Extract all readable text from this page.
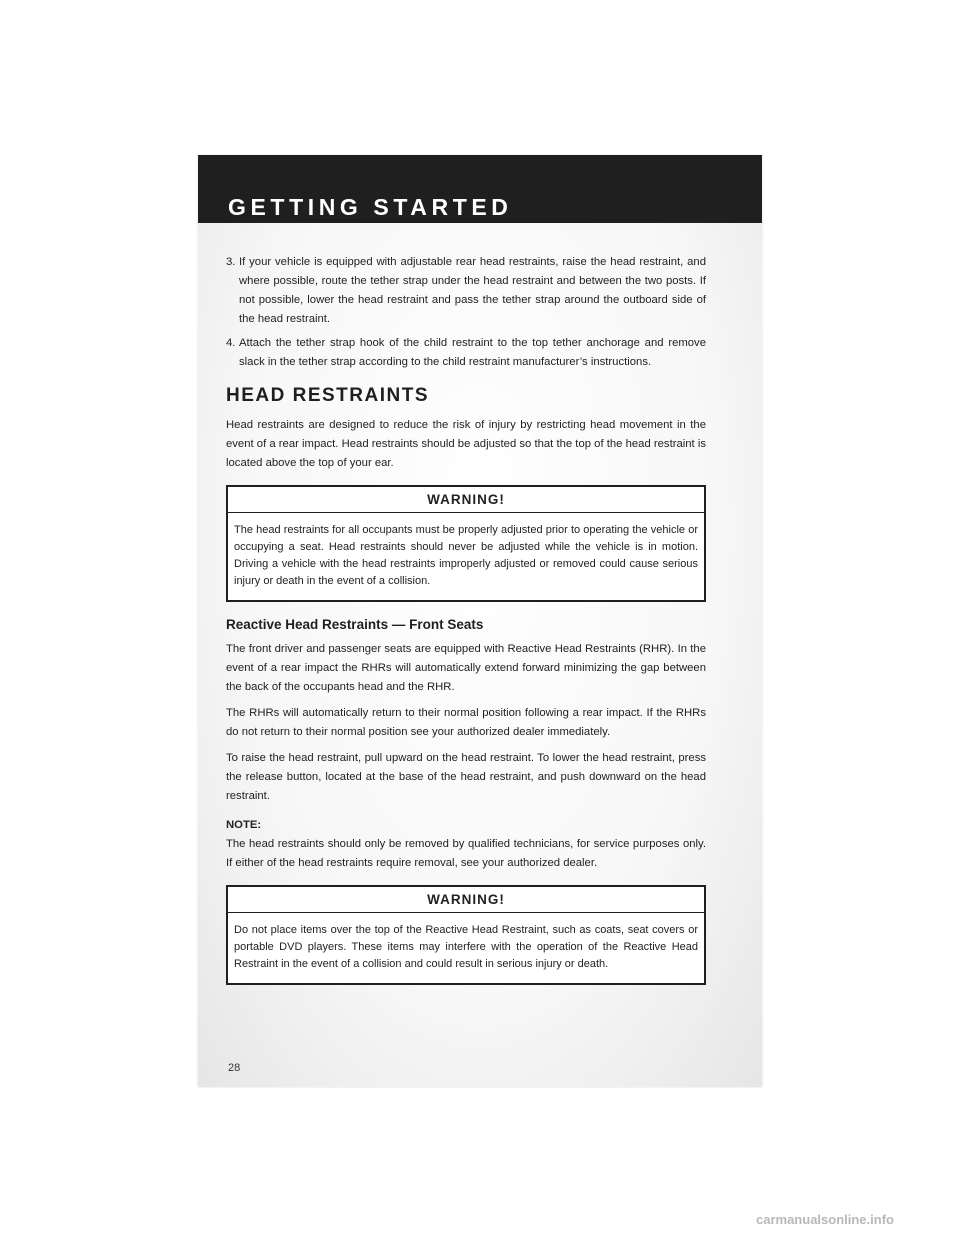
GETTING STARTED
3. If your vehicle is equipped with adjustable rear head restraints, raise the head restraint, and where possible, route the tether strap under the head restraint and between the two posts. If not possible, lower the head restraint and pass the tether strap around the outboard side of the head restraint.
4. Attach the tether strap hook of the child restraint to the top tether anchorage and remove slack in the tether strap according to the child restraint manufacturer’s instructions.
HEAD RESTRAINTS

Head restraints are designed to reduce the risk of injury by restricting head movement in the event of a rear impact. Head restraints should be adjusted so that the top of the head restraint is located above the top of your ear.

WARNING!
The head restraints for all occupants must be properly adjusted prior to operating the vehicle or occupying a seat. Head restraints should never be adjusted while the vehicle is in motion. Driving a vehicle with the head restraints improperly adjusted or removed could cause serious injury or death in the event of a collision.
Reactive Head Restraints — Front Seats

The front driver and passenger seats are equipped with Reactive Head Restraints (RHR). In the event of a rear impact the RHRs will automatically extend forward minimizing the gap between the back of the occupants head and the RHR.

The RHRs will automatically return to their normal position following a rear impact. If the RHRs do not return to their normal position see your authorized dealer immediately.

To raise the head restraint, pull upward on the head restraint. To lower the head restraint, press the release button, located at the base of the head restraint, and push downward on the head restraint.

NOTE:

The head restraints should only be removed by qualified technicians, for service purposes only. If either of the head restraints require removal, see your authorized dealer.

WARNING!
Do not place items over the top of the Reactive Head Restraint, such as coats, seat covers or portable DVD players. These items may interfere with the operation of the Reactive Head Restraint in the event of a collision and could result in serious injury or death.
28
carmanualsonline.info
